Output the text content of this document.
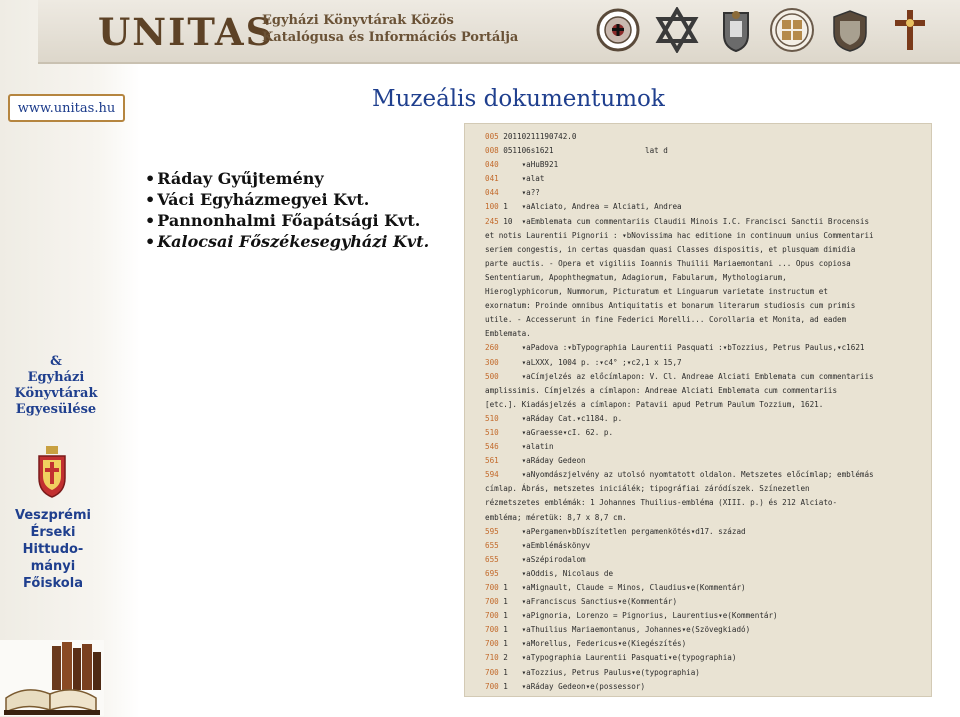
UNITAS
Egyházi Könyvtárak Közös
Katalógusa és Információs Portálja
www.unitas.hu	Muzeális dokumentumok
• Ráday Gyűjtemény
• Váci Egyházmegyei Kvt.
• Pannonhalmi Főapátsági Kvt.
• Kalocsai Főszékesegyházi Kvt.
&
Egyházi
Könyvtárak
Egyesülése
Veszprémi
Érseki
Hittudo-
mányi
Főiskola
005 20110211190742.0
008 051106s1621                    lat d
040     ▾aHuB921
041     ▾alat
044     ▾a??
100 1   ▾aAlciato, Andrea = Alciati, Andrea
245 10  ▾aEmblemata cum commentariis Claudii Minois I.C. Francisci Sanctii Brocensis
et notis Laurentii Pignorii : ▾bNovissima hac editione in continuum unius Commentarii
seriem congestis, in certas quasdam quasi Classes dispositis, et plusquam dimidia
parte auctis. - Opera et vigiliis Ioannis Thuilii Mariaemontani ... Opus copiosa
Sententiarum, Apophthegmatum, Adagiorum, Fabularum, Mythologiarum,
Hieroglyphicorum, Nummorum, Picturatum et Linguarum varietate instructum et
exornatum: Proinde omnibus Antiquitatis et bonarum literarum studiosis cum primis
utile. - Accesserunt in fine Federici Morelli... Corollaria et Monita, ad eadem
Emblemata.
260     ▾aPadova :▾bTypographia Laurentii Pasquati :▾bTozzius, Petrus Paulus,▾c1621
300     ▾aLXXX, 1004 p. :▾c4° ;▾c2,1 x 15,7
500     ▾aCímjelzés az előcímlapon: V. Cl. Andreae Alciati Emblemata cum commentariis
amplissimis. Címjelzés a címlapon: Andreae Alciati Emblemata cum commentariis
[etc.]. Kiadásjelzés a címlapon: Patavii apud Petrum Paulum Tozzium, 1621.
510     ▾aRáday Cat.▾c1184. p.
510     ▾aGraesse▾cI. 62. p.
546     ▾alatin
561     ▾aRáday Gedeon
594     ▾aNyomdászjelvény az utolsó nyomtatott oldalon. Metszetes előcímlap; emblémás
címlap. Ábrás, metszetes iniciálék; tipográfiai záródíszek. Színezetlen
rézmetszetes emblémák: 1 Johannes Thuilius-emblémа (XIII. p.) és 212 Alciato-
embléma; méretük: 8,7 x 8,7 cm.
595     ▾aPergamen▾bDíszítetlen pergamenkötés▾d17. század
655     ▾aEmblémáskönyv
655     ▾aSzépirodalom
695     ▾aOddis, Nicolaus de
700 1   ▾aMignault, Claude = Minos, Claudius▾e(Kommentár)
700 1   ▾aFranciscus Sanctius▾e(Kommentár)
700 1   ▾aPignoria, Lorenzo = Pignorius, Laurentius▾e(Kommentár)
700 1   ▾aThuilius Mariaemontanus, Johannes▾e(Szövegkiadó)
700 1   ▾aMorellus, Federicus▾e(Kiegészítés)
710 2   ▾aTypographia Laurentii Pasquati▾e(typographia)
700 1   ▾aTozzius, Petrus Paulus▾e(typographia)
700 1   ▾aRáday Gedeon▾e(possessor)
